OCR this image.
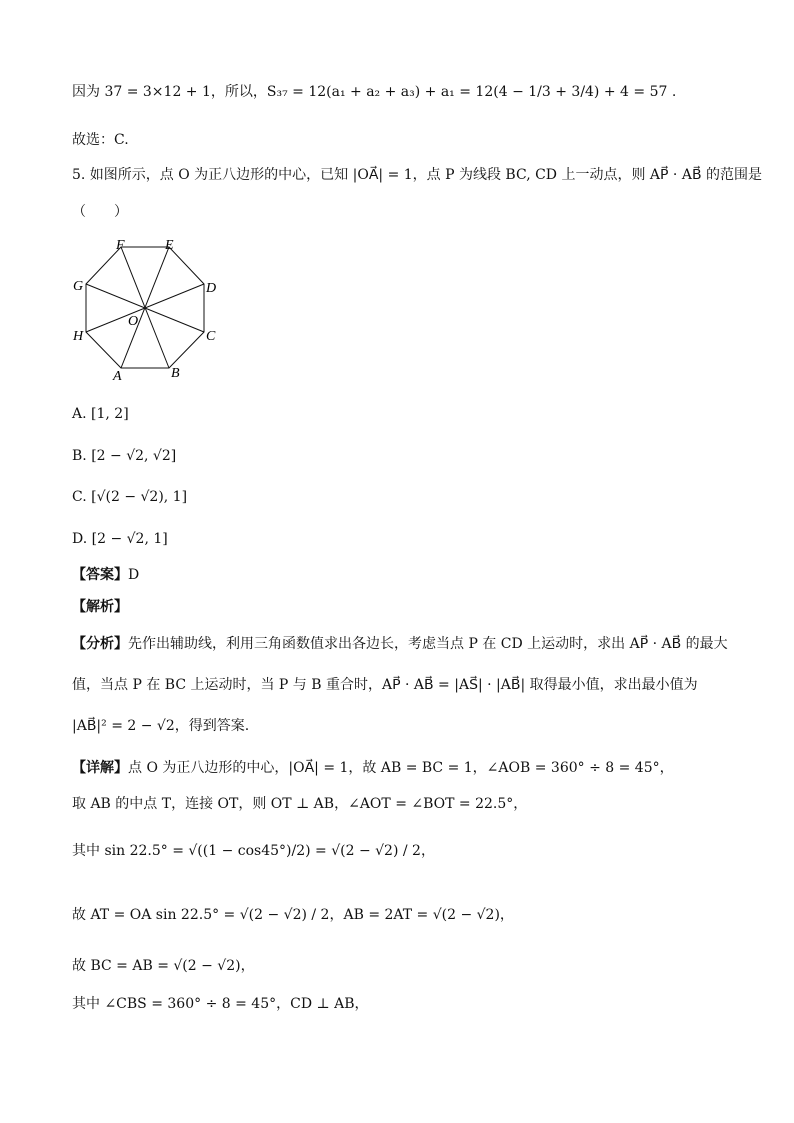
因为 37 = 3×12 + 1，所以，S₃₇ = 12(a₁ + a₂ + a₃) + a₁ = 12(4 − 1/3 + 3/4) + 4 = 57 .
故选：C.
5. 如图所示，点 O 为正八边形的中心，已知 |OA⃗| = 1，点 P 为线段 BC, CD 上一动点，则 AP⃗ · AB⃗ 的范围是
（　　）
F	E
D
C
B
A
H
G
O
A. [1, 2]
B. [2 − √2, √2]
C. [√(2 − √2), 1]
D. [2 − √2, 1]
【答案】D
【解析】
【分析】先作出辅助线，利用三角函数值求出各边长，考虑当点 P 在 CD 上运动时，求出 AP⃗ · AB⃗ 的最大
值，当点 P 在 BC 上运动时，当 P 与 B 重合时，AP⃗ · AB⃗ = |AS⃗| · |AB⃗| 取得最小值，求出最小值为
|AB⃗|² = 2 − √2，得到答案.
【详解】点 O 为正八边形的中心，|OA⃗| = 1，故 AB = BC = 1，∠AOB = 360° ÷ 8 = 45°，
取 AB 的中点 T，连接 OT，则 OT ⊥ AB，∠AOT = ∠BOT = 22.5°，
其中 sin 22.5° = √((1 − cos45°)/2) = √(2 − √2) / 2，
故 AT = OA sin 22.5° = √(2 − √2) / 2，AB = 2AT = √(2 − √2)，
故 BC = AB = √(2 − √2)，
其中 ∠CBS = 360° ÷ 8 = 45°，CD ⊥ AB，
